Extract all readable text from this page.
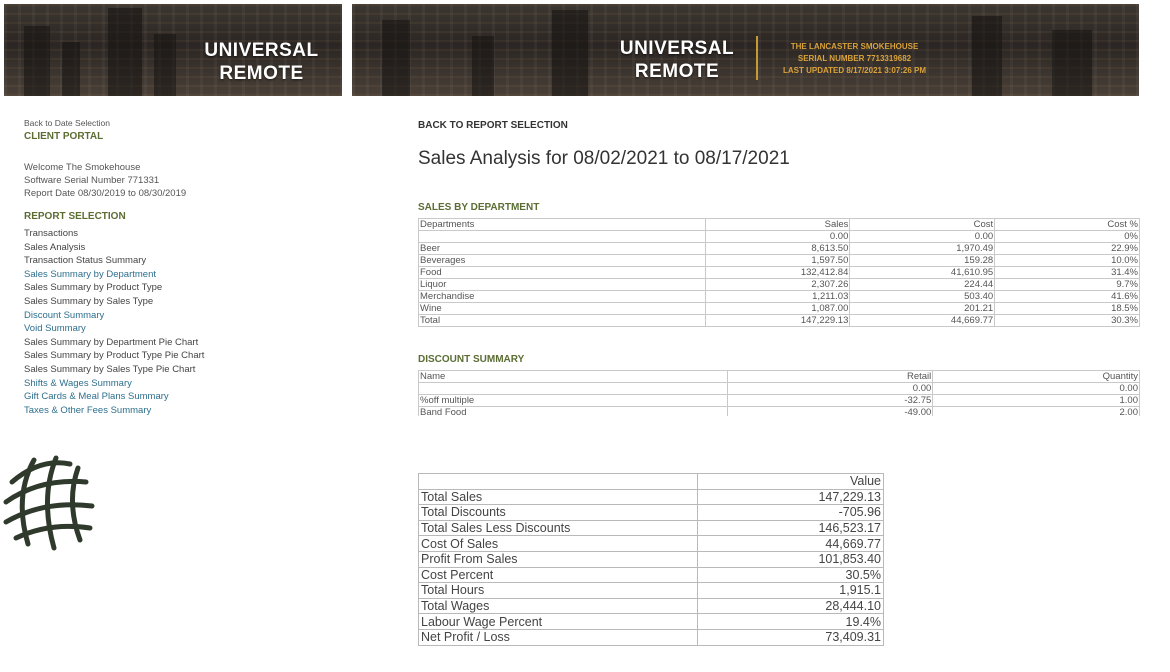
UNIVERSAL
REMOTE
UNIVERSAL
REMOTE
THE LANCASTER SMOKEHOUSE
SERIAL NUMBER 7713319682
LAST UPDATED 8/17/2021 3:07:26 PM
Back to Date Selection
CLIENT PORTAL
Welcome The Smokehouse
Software Serial Number 771331
Report Date 08/30/2019 to 08/30/2019
REPORT SELECTION
Transactions
Sales Analysis
Transaction Status Summary
Sales Summary by Department
Sales Summary by Product Type
Sales Summary by Sales Type
Discount Summary
Void Summary
Sales Summary by Department Pie Chart
Sales Summary by Product Type Pie Chart
Sales Summary by Sales Type Pie Chart
Shifts & Wages Summary
Gift Cards & Meal Plans Summary
Taxes & Other Fees Summary
BACK TO REPORT SELECTION
Sales Analysis for 08/02/2021 to 08/17/2021
SALES BY DEPARTMENT
Departments	Sales	Cost	Cost %
	0.00	0.00	0%
Beer	8,613.50	1,970.49	22.9%
Beverages	1,597.50	159.28	10.0%
Food	132,412.84	41,610.95	31.4%
Liquor	2,307.26	224.44	9.7%
Merchandise	1,211.03	503.40	41.6%
Wine	1,087.00	201.21	18.5%
Total	147,229.13	44,669.77	30.3%
DISCOUNT SUMMARY
Name	Retail	Quantity
	0.00	0.00
%off multiple	-32.75	1.00
Band Food	-49.00	2.00
	Value
Total Sales	147,229.13
Total Discounts	-705.96
Total Sales Less Discounts	146,523.17
Cost Of Sales	44,669.77
Profit From Sales	101,853.40
Cost Percent	30.5%
Total Hours	1,915.1
Total Wages	28,444.10
Labour Wage Percent	19.4%
Net Profit / Loss	73,409.31
